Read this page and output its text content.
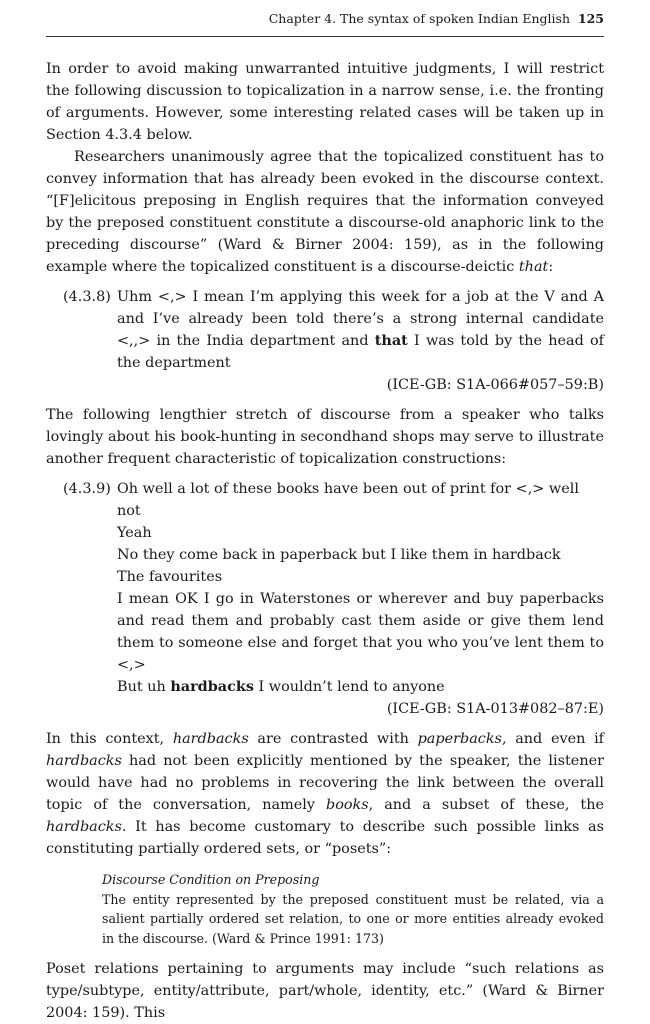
Chapter 4. The syntax of spoken Indian English 125

In order to avoid making unwarranted intuitive judgments, I will restrict the following discussion to topicalization in a narrow sense, i.e. the fronting of arguments. However, some interesting related cases will be taken up in Section 4.3.4 below.

Researchers unanimously agree that the topicalized constituent has to convey information that has already been evoked in the discourse context. “[F]elicitous preposing in English requires that the information conveyed by the preposed constituent constitute a discourse-old anaphoric link to the preceding discourse” (Ward & Birner 2004: 159), as in the following example where the topicalized constituent is a discourse-deictic that:

(4.3.8) Uhm <,> I mean I’m applying this week for a job at the V and A and I’ve already been told there’s a strong internal candidate <,,> in the India department and that I was told by the head of the department

(ICE-GB: S1A-066#057–59:B)

The following lengthier stretch of discourse from a speaker who talks lovingly about his book-hunting in secondhand shops may serve to illustrate another frequent characteristic of topicalization constructions:

(4.3.9) Oh well a lot of these books have been out of print for <,> well not

Yeah

No they come back in paperback but I like them in hardback

The favourites

I mean OK I go in Waterstones or wherever and buy paperbacks and read them and probably cast them aside or give them lend them to someone else and forget that you who you’ve lent them to <,>

But uh hardbacks I wouldn’t lend to anyone

(ICE-GB: S1A-013#082–87:E)

In this context, hardbacks are contrasted with paperbacks, and even if hardbacks had not been explicitly mentioned by the speaker, the listener would have had no problems in recovering the link between the overall topic of the conversation, namely books, and a subset of these, the hardbacks. It has become customary to describe such possible links as constituting partially ordered sets, or “posets”:

Discourse Condition on Preposing

The entity represented by the preposed constituent must be related, via a salient partially ordered set relation, to one or more entities already evoked in the discourse. (Ward & Prince 1991: 173)

Poset relations pertaining to arguments may include “such relations as type/subtype, entity/attribute, part/whole, identity, etc.” (Ward & Birner 2004: 159). This
